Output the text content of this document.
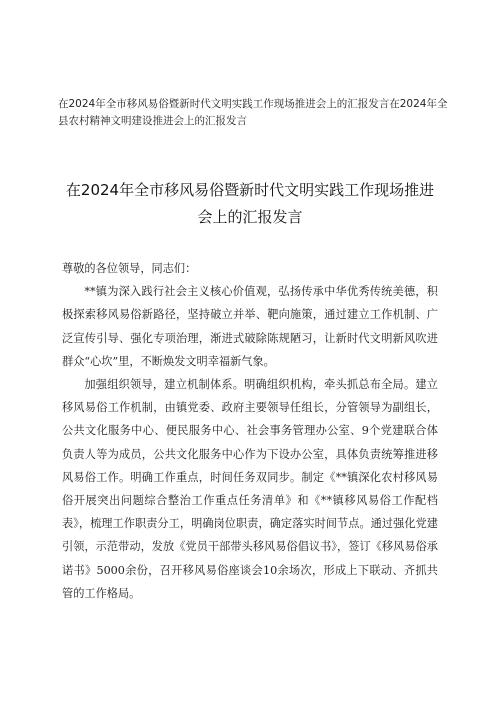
在2024年全市移风易俗暨新时代文明实践工作现场推进会上的汇报发言在2024年全县农村精神文明建设推进会上的汇报发言
在2024年全市移风易俗暨新时代文明实践工作现场推进
会上的汇报发言

尊敬的各位领导，同志们：

**镇为深入践行社会主义核心价值观，弘扬传承中华优秀传统美德，积极探索移风易俗新路径，坚持破立并举、靶向施策，通过建立工作机制、广泛宣传引导、强化专项治理，渐进式破除陈规陋习，让新时代文明新风吹进群众“心坎”里，不断焕发文明幸福新气象。

加强组织领导，建立机制体系。明确组织机构，牵头抓总布全局。建立移风易俗工作机制，由镇党委、政府主要领导任组长，分管领导为副组长，公共文化服务中心、便民服务中心、社会事务管理办公室、9个党建联合体负责人等为成员，公共文化服务中心作为下设办公室，具体负责统筹推进移风易俗工作。明确工作重点，时间任务双同步。制定《**镇深化农村移风易俗开展突出问题综合整治工作重点任务清单》和《**镇移风易俗工作配档表》，梳理工作职责分工，明确岗位职责，确定落实时间节点。通过强化党建引领，示范带动，发放《党员干部带头移风易俗倡议书》，签订《移风易俗承诺书》5000余份，召开移风易俗座谈会10余场次，形成上下联动、齐抓共管的工作格局。
